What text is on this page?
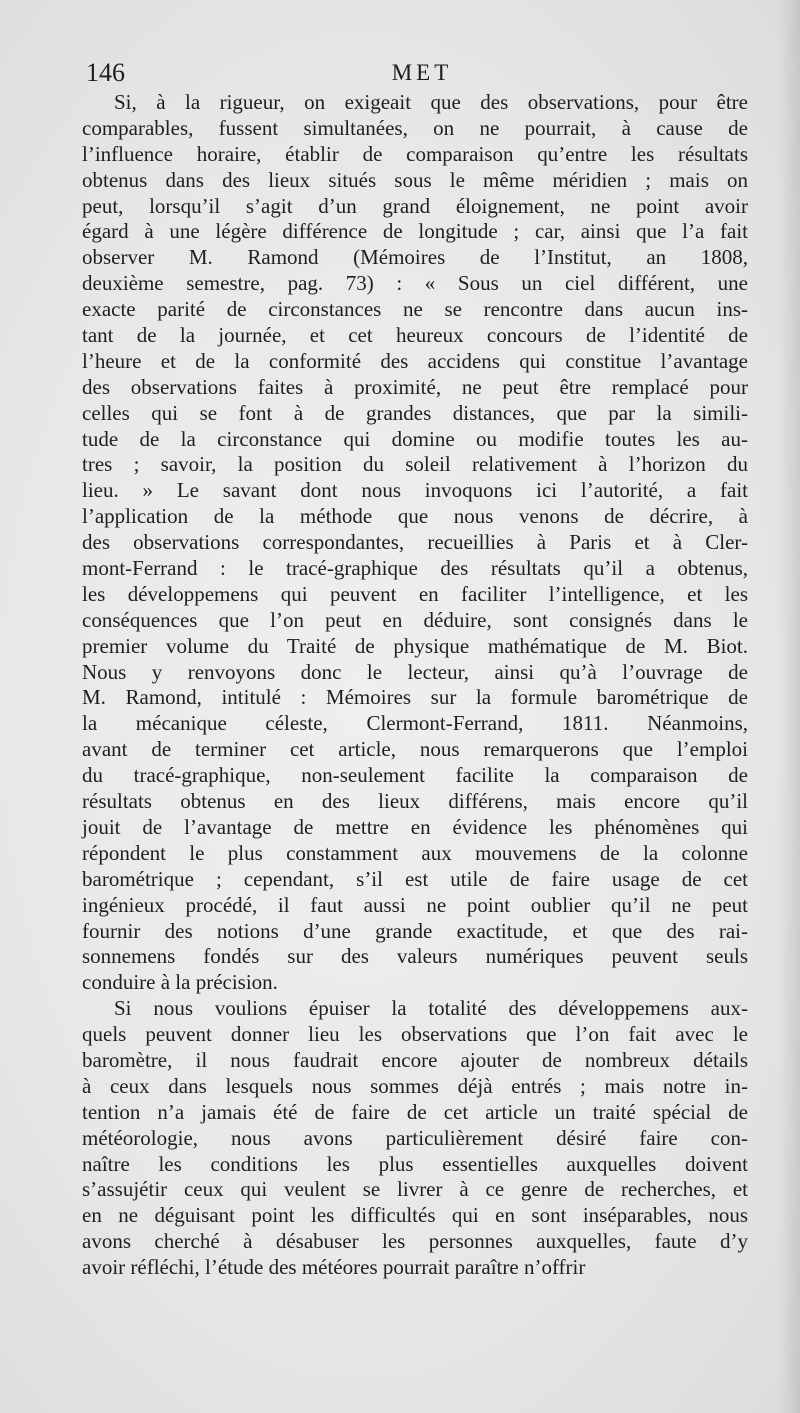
146	MET
Si, à la rigueur, on exigeait que des observations, pour être
comparables, fussent simultanées, on ne pourrait, à cause de
l’influence horaire, établir de comparaison qu’entre les résultats
obtenus dans des lieux situés sous le même méridien ; mais on
peut, lorsqu’il s’agit d’un grand éloignement, ne point avoir
égard à une légère différence de longitude ; car, ainsi que l’a fait
observer M. Ramond (Mémoires de l’Institut, an 1808,
deuxième semestre, pag. 73) : « Sous un ciel différent, une
exacte parité de circonstances ne se rencontre dans aucun ins-
tant de la journée, et cet heureux concours de l’identité de
l’heure et de la conformité des accidens qui constitue l’avantage
des observations faites à proximité, ne peut être remplacé pour
celles qui se font à de grandes distances, que par la simili-
tude de la circonstance qui domine ou modifie toutes les au-
tres ; savoir, la position du soleil relativement à l’horizon du
lieu. » Le savant dont nous invoquons ici l’autorité, a fait
l’application de la méthode que nous venons de décrire, à
des observations correspondantes, recueillies à Paris et à Cler-
mont-Ferrand : le tracé-graphique des résultats qu’il a obtenus,
les développemens qui peuvent en faciliter l’intelligence, et les
conséquences que l’on peut en déduire, sont consignés dans le
premier volume du Traité de physique mathématique de M. Biot.
Nous y renvoyons donc le lecteur, ainsi qu’à l’ouvrage de
M. Ramond, intitulé : Mémoires sur la formule barométrique de
la mécanique céleste, Clermont-Ferrand, 1811. Néanmoins,
avant de terminer cet article, nous remarquerons que l’emploi
du tracé-graphique, non-seulement facilite la comparaison de
résultats obtenus en des lieux différens, mais encore qu’il
jouit de l’avantage de mettre en évidence les phénomènes qui
répondent le plus constamment aux mouvemens de la colonne
barométrique ; cependant, s’il est utile de faire usage de cet
ingénieux procédé, il faut aussi ne point oublier qu’il ne peut
fournir des notions d’une grande exactitude, et que des rai-
sonnemens fondés sur des valeurs numériques peuvent seuls
conduire à la précision.
Si nous voulions épuiser la totalité des développemens aux-
quels peuvent donner lieu les observations que l’on fait avec le
baromètre, il nous faudrait encore ajouter de nombreux détails
à ceux dans lesquels nous sommes déjà entrés ; mais notre in-
tention n’a jamais été de faire de cet article un traité spécial de
météorologie, nous avons particulièrement désiré faire con-
naître les conditions les plus essentielles auxquelles doivent
s’assujétir ceux qui veulent se livrer à ce genre de recherches, et
en ne déguisant point les difficultés qui en sont inséparables, nous
avons cherché à désabuser les personnes auxquelles, faute d’y
avoir réfléchi, l’étude des météores pourrait paraître n’offrir
